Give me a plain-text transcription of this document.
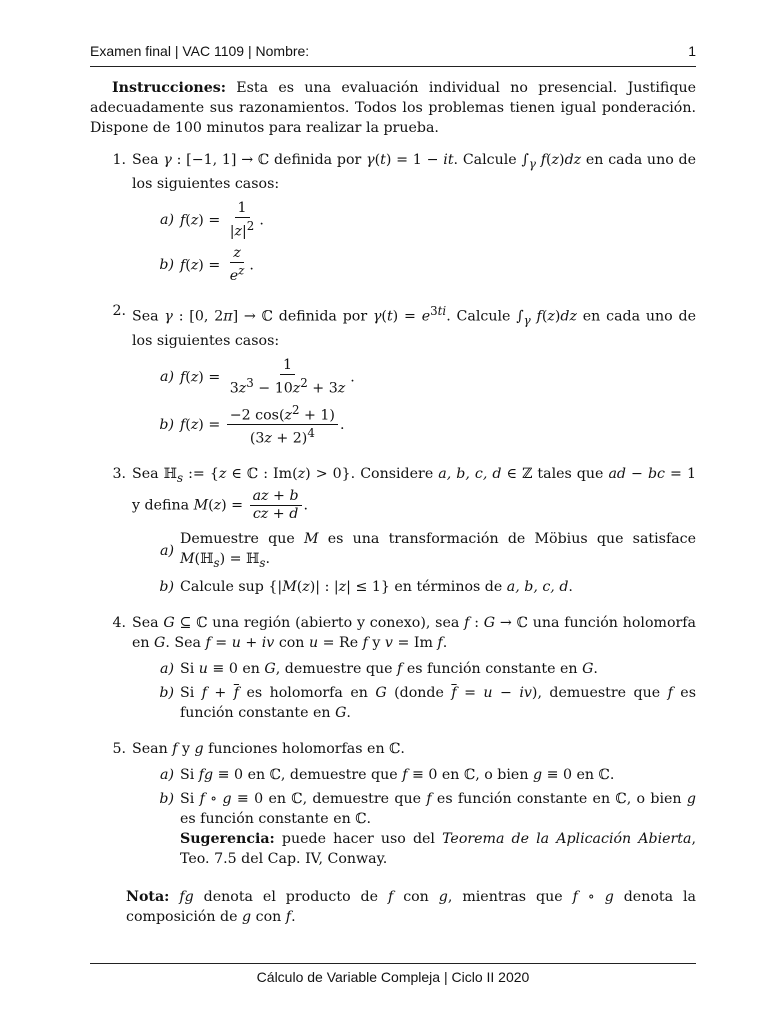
Examen final | VAC 1109 | Nombre:	1

Instrucciones: Esta es una evaluación individual no presencial. Justifique adecuadamente sus razonamientos. Todos los problemas tienen igual ponderación. Dispone de 100 minutos para realizar la prueba.

1. Sea γ : [−1, 1] → ℂ definida por γ(t) = 1 − it. Calcule $\int_\gamma$ f(z)dz en cada uno de los siguientes casos:

a) $f(z) = \frac{1}{|z|^2}$ .
b) $f(z) = \frac{z}{e^z}$ .
2. Sea γ : [0, 2π] → ℂ definida por $\gamma(t) = e^{3ti}$. Calcule $\int_\gamma$ f(z)dz en cada uno de los siguientes casos:

a) $f(z) = \frac{1}{3z^3 - 10z^2 + 3z}$ .
b) $f(z) = \frac{-2 \cos(z^2 + 1)}{(3z + 2)^4}$ .
3. Sea ℍ$_s$ := {z ∈ ℂ : Im(z) > 0}. Considere a, b, c, d ∈ ℤ tales que ad − bc = 1 y defina $M(z) = \frac{az + b}{cz + d}$ .

a)
Demuestre que M es una transformación de Möbius que satisface M(ℍ$_s$) = ℍ$_s$.
b) Calcule sup {|M(z)| : |z| ≤ 1} en términos de a, b, c, d.
4. Sea G ⊆ ℂ una región (abierto y conexo), sea f : G → ℂ una función holomorfa en G. Sea f = u + iv con u = Re f y v = Im f.

a) Si u ≡ 0 en G, demuestre que f es función constante en G.
b) Si $f + \overline{f}$ es holomorfa en G (donde $\overline{f} = u - iv$), demuestre que f es función constante en G.
5. Sean f y g funciones holomorfas en ℂ.

a) Si fg ≡ 0 en ℂ, demuestre que f ≡ 0 en ℂ, o bien g ≡ 0 en ℂ.
b) Si f ∘ g ≡ 0 en ℂ, demuestre que f es función constante en ℂ, o bien g es función constante en ℂ.
Sugerencia: puede hacer uso del Teorema de la Aplicación Abierta, Teo. 7.5 del Cap. IV, Conway.

Nota: fg denota el producto de f con g, mientras que f ∘ g denota la composición de g con f.

Cálculo de Variable Compleja | Ciclo II 2020
